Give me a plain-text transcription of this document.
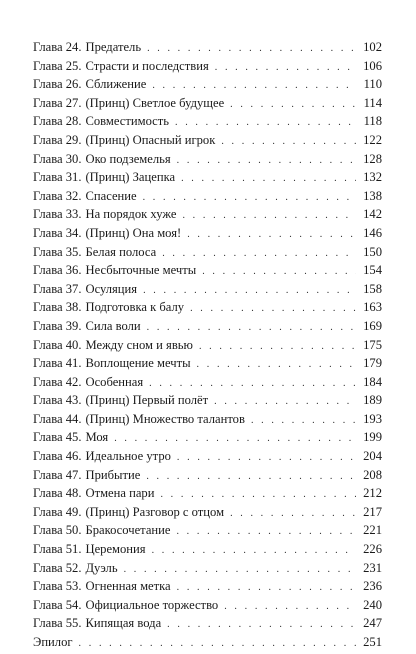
Глава 24. Предатель . . .	102
Глава 25. Страсти и последствия . . .	106
Глава 26. Сближение . . .	110
Глава 27. (Принц) Светлое будущее . . .	114
Глава 28. Совместимость . . .	118
Глава 29. (Принц) Опасный игрок . . .	122
Глава 30. Око подземелья . . .	128
Глава 31. (Принц) Зацепка . . .	132
Глава 32. Спасение . . .	138
Глава 33. На порядок хуже . . .	142
Глава 34. (Принц) Она моя! . . .	146
Глава 35. Белая полоса . . .	150
Глава 36. Несбыточные мечты . . .	154
Глава 37. Осуляция . . .	158
Глава 38. Подготовка к балу . . .	163
Глава 39. Сила воли . . .	169
Глава 40. Между сном и явью . . .	175
Глава 41. Воплощение мечты . . .	179
Глава 42. Особенная . . .	184
Глава 43. (Принц) Первый полёт . . .	189
Глава 44. (Принц) Множество талантов . . .	193
Глава 45. Моя . . .	199
Глава 46. Идеальное утро . . .	204
Глава 47. Прибытие . . .	208
Глава 48. Отмена пари . . .	212
Глава 49. (Принц) Разговор с отцом . . .	217
Глава 50. Бракосочетание . . .	221
Глава 51. Церемония . . .	226
Глава 52. Дуэль . . .	231
Глава 53. Огненная метка . . .	236
Глава 54. Официальное торжество . . .	240
Глава 55. Кипящая вода . . .	247
Эпилог . . .	251
